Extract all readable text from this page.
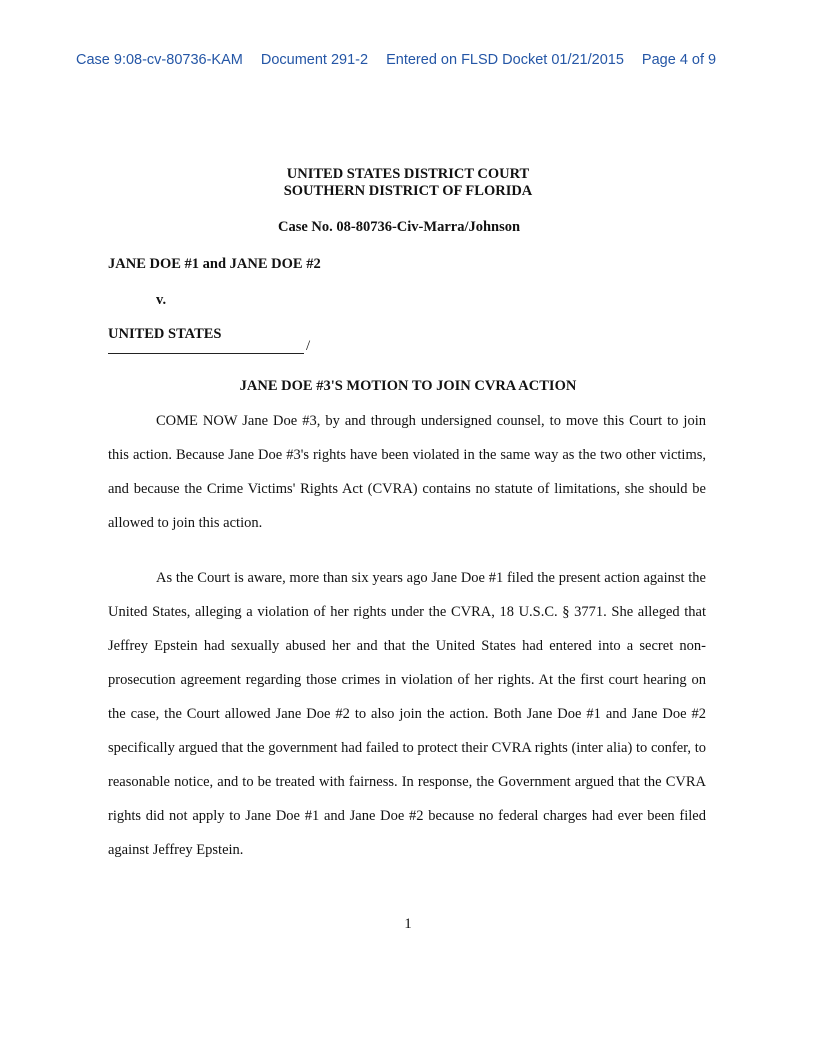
Case 9:08-cv-80736-KAM Document 291-2 Entered on FLSD Docket 01/21/2015 Page 4 of 9
UNITED STATES DISTRICT COURT
SOUTHERN DISTRICT OF FLORIDA
Case No. 08-80736-Civ-Marra/Johnson
JANE DOE #1 and JANE DOE #2
v.
UNITED STATES
/
JANE DOE #3'S MOTION TO JOIN CVRA ACTION

COME NOW Jane Doe #3, by and through undersigned counsel, to move this Court to join this action. Because Jane Doe #3's rights have been violated in the same way as the two other victims, and because the Crime Victims' Rights Act (CVRA) contains no statute of limitations, she should be allowed to join this action.

As the Court is aware, more than six years ago Jane Doe #1 filed the present action against the United States, alleging a violation of her rights under the CVRA, 18 U.S.C. § 3771. She alleged that Jeffrey Epstein had sexually abused her and that the United States had entered into a secret non-prosecution agreement regarding those crimes in violation of her rights. At the first court hearing on the case, the Court allowed Jane Doe #2 to also join the action. Both Jane Doe #1 and Jane Doe #2 specifically argued that the government had failed to protect their CVRA rights (inter alia) to confer, to reasonable notice, and to be treated with fairness. In response, the Government argued that the CVRA rights did not apply to Jane Doe #1 and Jane Doe #2 because no federal charges had ever been filed against Jeffrey Epstein.

1
